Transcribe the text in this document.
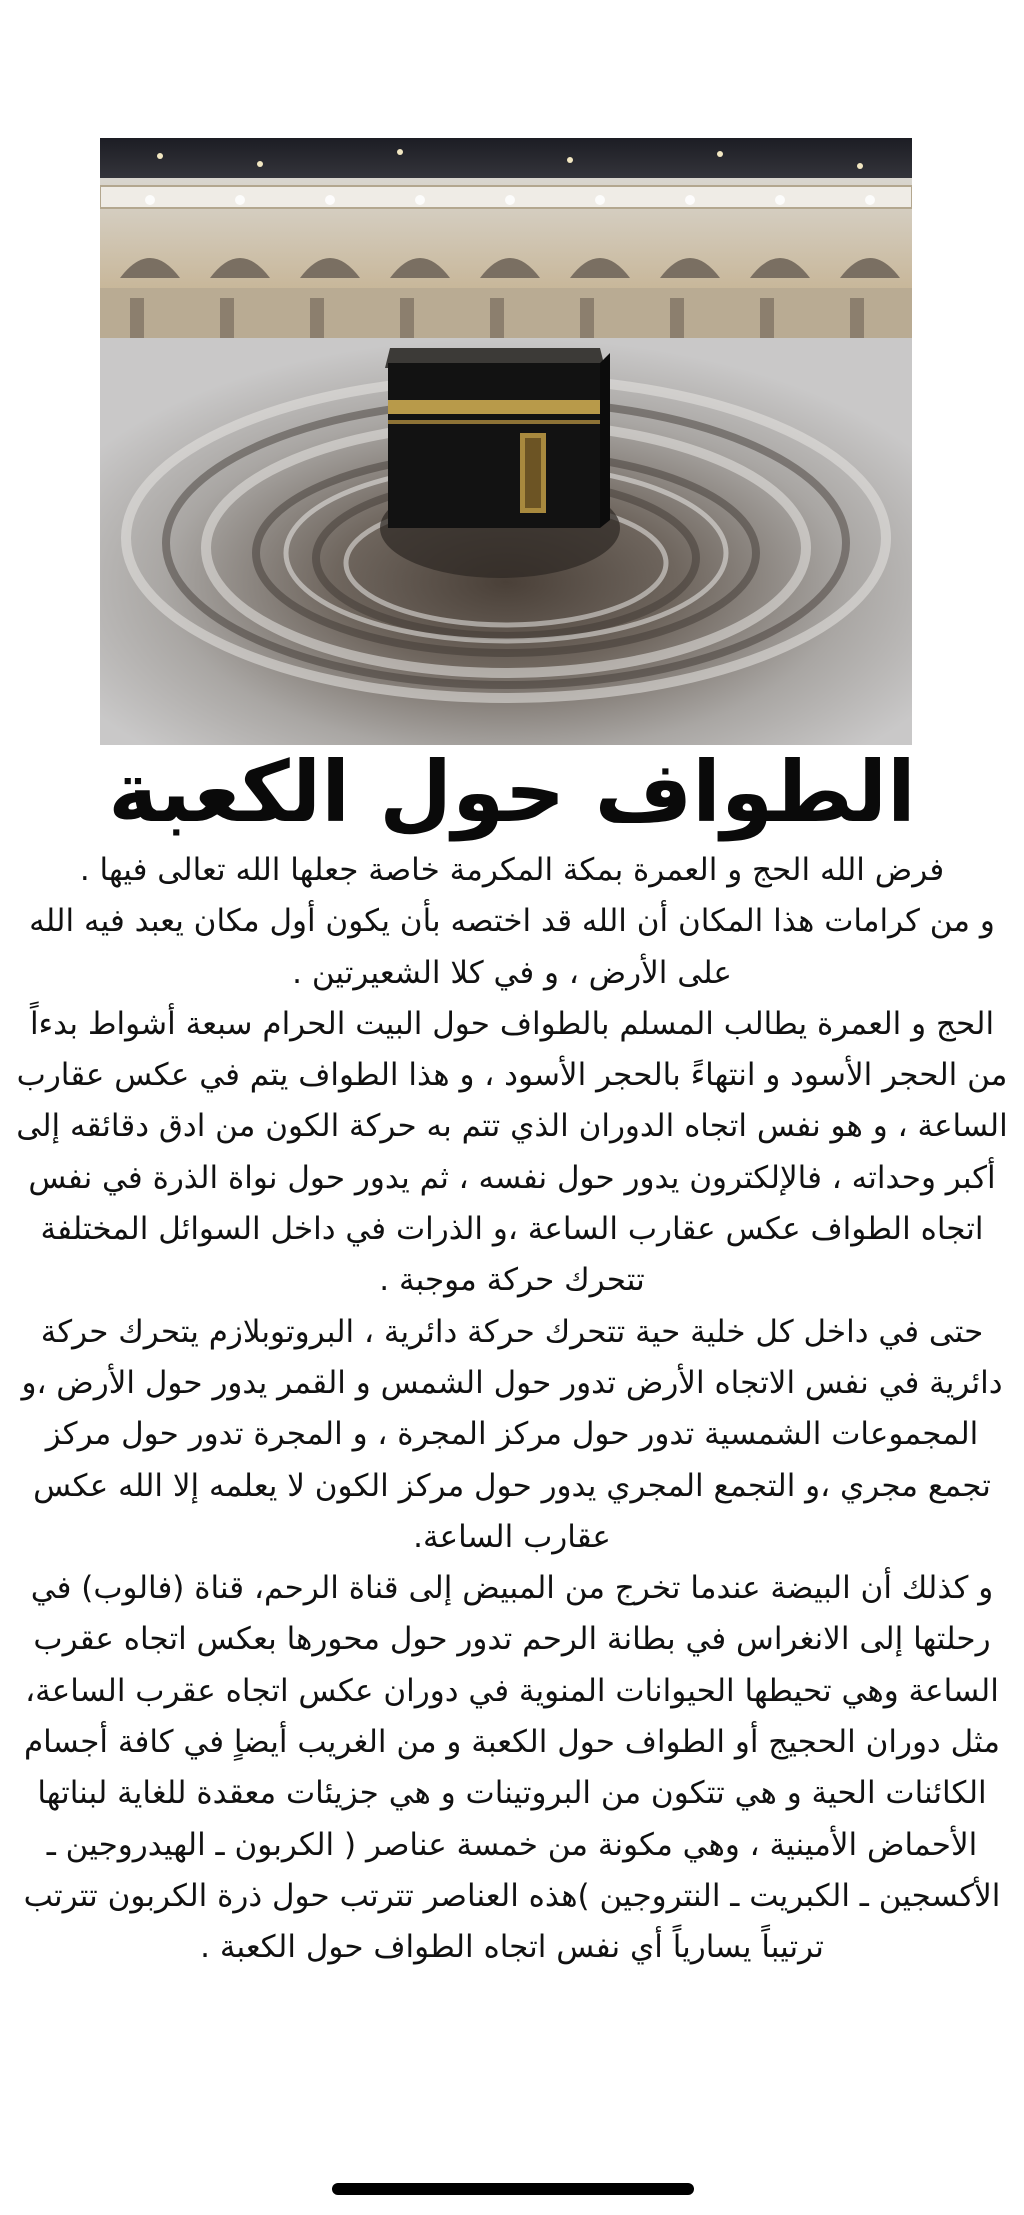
الطواف حول الكعبة

فرض الله الحج و العمرة بمكة المكرمة خاصة جعلها الله تعالى فيها .

و من كرامات هذا المكان أن الله قد اختصه بأن يكون أول مكان يعبد فيه الله على الأرض ، و في كلا الشعيرتين .

الحج و العمرة يطالب المسلم بالطواف حول البيت الحرام سبعة أشواط بدءاً من الحجر الأسود و انتهاءً بالحجر الأسود ، و هذا الطواف يتم في عكس عقارب الساعة ، و هو نفس اتجاه الدوران الذي تتم به حركة الكون من ادق دقائقه إلى أكبر وحداته ، فالإلكترون يدور حول نفسه ، ثم يدور حول نواة الذرة في نفس اتجاه الطواف عكس عقارب الساعة ،و الذرات في داخل السوائل المختلفة تتحرك حركة موجبة .

حتى في داخل كل خلية حية تتحرك حركة دائرية ، البروتوبلازم يتحرك حركة دائرية في نفس الاتجاه الأرض تدور حول الشمس و القمر يدور حول الأرض ،و المجموعات الشمسية تدور حول مركز المجرة ، و المجرة تدور حول مركز تجمع مجري ،و التجمع المجري يدور حول مركز الكون لا يعلمه إلا الله عكس عقارب الساعة.

و كذلك أن البيضة عندما تخرج من المبيض إلى قناة الرحم، قناة (فالوب) في رحلتها إلى الانغراس في بطانة الرحم تدور حول محورها بعكس اتجاه عقرب الساعة وهي تحيطها الحيوانات المنوية في دوران عكس اتجاه عقرب الساعة، مثل دوران الحجيج أو الطواف حول الكعبة و من الغريب أيضاٍ في كافة أجسام الكائنات الحية و هي تتكون من البروتينات و هي جزيئات معقدة للغاية لبناتها الأحماض الأمينية ، وهي مكونة من خمسة عناصر ( الكربون ـ الهيدروجين ـ الأكسجين ـ الكبريت ـ النتروجين )هذه العناصر تترتب حول ذرة الكربون تترتب ترتيباً يسارياً أي نفس اتجاه الطواف حول الكعبة .
